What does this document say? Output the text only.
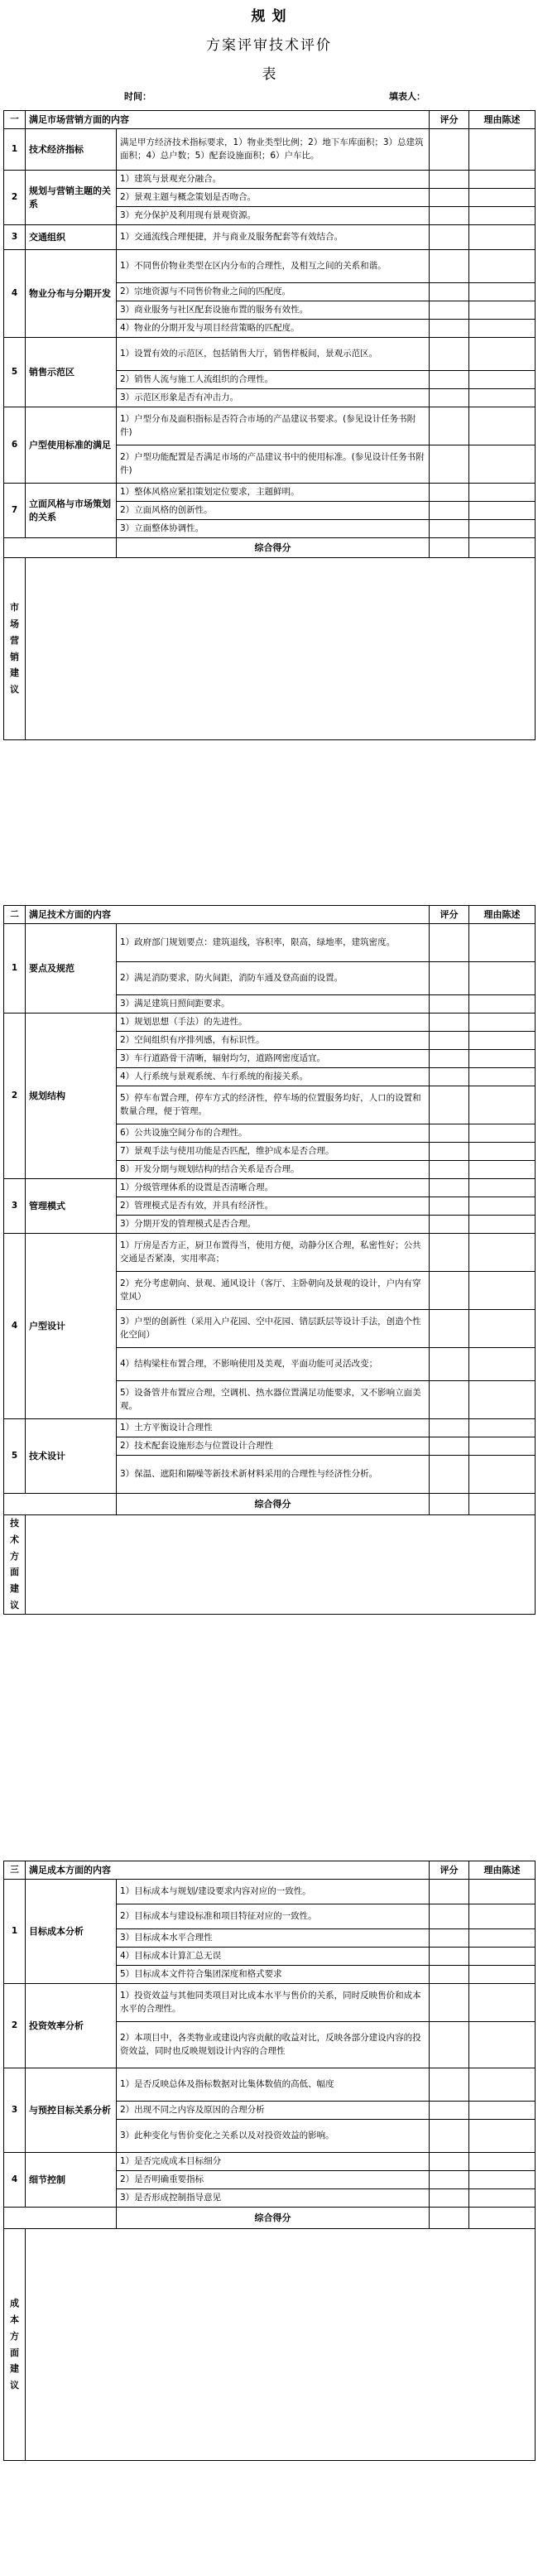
规 划
方案评审技术评价
表
时间：	填表人：
一	满足市场营销方面的内容		评分	理由陈述
1	技术经济指标	满足甲方经济技术指标要求，1）物业类型比例；2）地下车库面积；3）总建筑面积；4）总户数；5）配套设施面积；6）户车比。		
2	规划与营销主题的关系	1）建筑与景观充分融合。		
		2）景观主题与概念策划是否吻合。		
		3）充分保护及利用现有景观资源。		
3	交通组织	1）交通流线合理便捷，并与商业及服务配套等有效结合。		
4	物业分布与分期开发	1）不同售价物业类型在区内分布的合理性，及相互之间的关系和谐。		
		2）宗地资源与不同售价物业之间的匹配度。		
		3）商业服务与社区配套设施布置的服务有效性。		
		4）物业的分期开发与项目经营策略的匹配度。		
5	销售示范区	1）设置有效的示范区，包括销售大厅，销售样板间，景观示范区。		
		2）销售人流与施工人流组织的合理性。		
		3）示范区形象是否有冲击力。		
6	户型使用标准的满足	1）户型分布及面积指标是否符合市场的产品建议书要求。(参见设计任务书附件)		
		2）户型功能配置是否满足市场的产品建议书中的使用标准。(参见设计任务书附件)		
7	立面风格与市场策划的关系	1）整体风格应紧扣策划定位要求，主题鲜明。		
		2）立面风格的创新性。		
		3）立面整体协调性。		
		综合得分		
市场营销建议				
二	满足技术方面的内容		评分	理由陈述
1	要点及规范	1）政府部门规划要点：建筑退线，容积率，限高，绿地率，建筑密度。		
		2）满足消防要求，防火间距，消防车通及登高面的设置。		
		3）满足建筑日照间距要求。		
2	规划结构	1）规划思想（手法）的先进性。		
		2）空间组织有序排列感，有标识性。		
		3）车行道路骨干清晰，辐射均匀，道路网密度适宜。		
		4）人行系统与景观系统、车行系统的衔接关系。		
		5）停车布置合理，停车方式的经济性，停车场的位置服务均好，人口的设置和数量合理，便于管理。		
		6）公共设施空间分布的合理性。		
		7）景观手法与使用功能是否匹配，维护成本是否合理。		
		8）开发分期与规划结构的结合关系是否合理。		
3	管理模式	1）分级管理体系的设置是否清晰合理。		
		2）管理模式是否有效，并具有经济性。		
		3）分期开发的管理模式是否合理。		
4	户型设计	1）厅房是否方正，厨卫布置得当，使用方便，动静分区合理，私密性好；公共交通是否紧凑，实用率高；		
		2）充分考虑朝向、景观、通风设计（客厅、主卧朝向及景观的设计，户内有穿堂风）		
		3）户型的创新性（采用入户花园、空中花园、错层跃层等设计手法，创造个性化空间）		
		4）结构梁柱布置合理，不影响使用及美观，平面功能可灵活改变；		
		5）设备管井布置应合理，空调机、热水器位置满足功能要求，又不影响立面美观。		
5	技术设计	1）土方平衡设计合理性		
		2）技术配套设施形态与位置设计合理性		
		3）保温、遮阳和隔噪等新技术新材料采用的合理性与经济性分析。		
		综合得分		
技术方面建议				
三	满足成本方面的内容		评分	理由陈述
1	目标成本分析	1）目标成本与规划/建设要求内容对应的一致性。		
		2）目标成本与建设标准和项目特征对应的一致性。		
		3）目标成本水平合理性		
		4）目标成本计算汇总无误		
		5）目标成本文件符合集团深度和格式要求		
2	投资效率分析	1）投资效益与其他同类项目对比成本水平与售价的关系，同时反映售价和成本水平的合理性。		
		2）本项目中，各类物业或建设内容贡献的收益对比，反映各部分建设内容的投资效益，同时也反映规划设计内容的合理性		
3	与预控目标关系分析	1）是否反映总体及指标数据对比集体数值的高低、幅度		
		2）出现不同之内容及原因的合理分析		
		3）此种变化与售价变化之关系以及对投资效益的影响。		
4	细节控制	1）是否完成成本目标细分		
		2）是否明确重要指标		
		3）是否形成控制指导意见		
		综合得分		
成本方面建议				
